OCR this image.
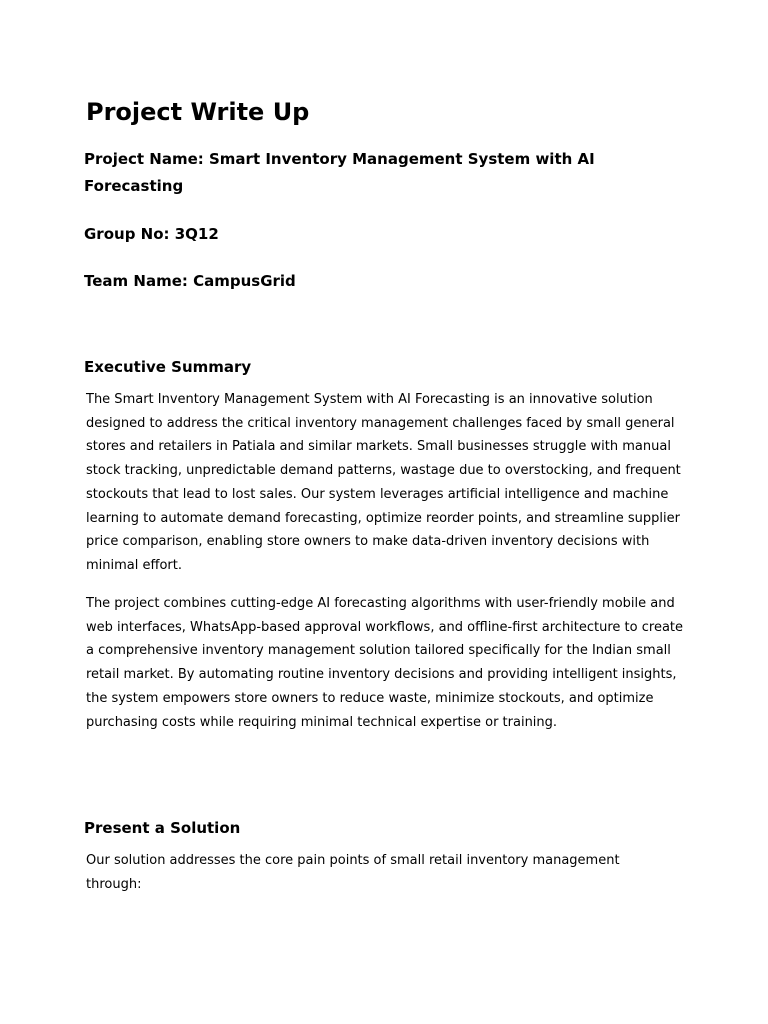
Project Write Up

Project Name: Smart Inventory Management System with AI Forecasting

Group No: 3Q12

Team Name: CampusGrid

Executive Summary

The Smart Inventory Management System with AI Forecasting is an innovative solution designed to address the critical inventory management challenges faced by small general stores and retailers in Patiala and similar markets. Small businesses struggle with manual stock tracking, unpredictable demand patterns, wastage due to overstocking, and frequent stockouts that lead to lost sales. Our system leverages artificial intelligence and machine learning to automate demand forecasting, optimize reorder points, and streamline supplier price comparison, enabling store owners to make data-driven inventory decisions with minimal effort.

The project combines cutting-edge AI forecasting algorithms with user-friendly mobile and web interfaces, WhatsApp-based approval workflows, and offline-first architecture to create a comprehensive inventory management solution tailored specifically for the Indian small retail market. By automating routine inventory decisions and providing intelligent insights, the system empowers store owners to reduce waste, minimize stockouts, and optimize purchasing costs while requiring minimal technical expertise or training.

Present a Solution

Our solution addresses the core pain points of small retail inventory management through:
